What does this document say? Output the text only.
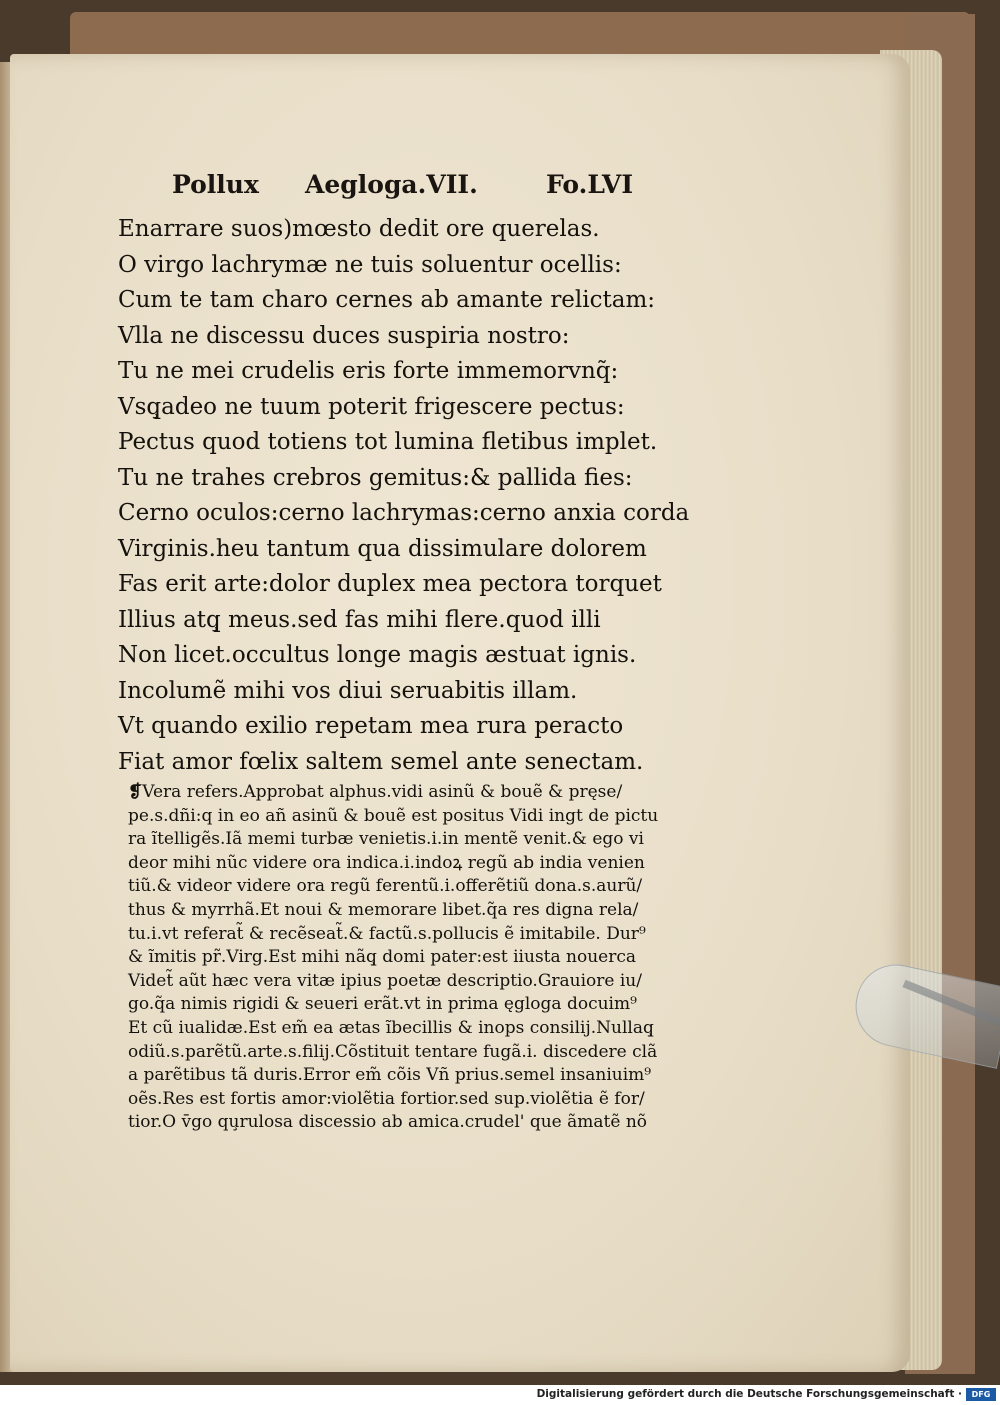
Pollux Aegloga.VII.	Fo.LVI
Enarrare suos)mœsto dedit ore querelas.
O virgo lachrymæ ne tuis soluentur ocellis:
Cum te tam charo cernes ab amante relictam:
Vlla ne discessu duces suspiria nostro:
Tu ne mei crudelis eris forte immemorvnq̃:
Vsq̧adeo ne tuum poterit frigescere pectus:
Pectus quod totiens tot lumina fletibus implet.
Tu ne trahes crebros gemitus:& pallida fies:
Cerno oculos:cerno lachrymas:cerno anxia corda
Virginis.heu tantum qua dissimulare dolorem
Fas erit arte:dolor duplex mea pectora torquet
Illius atq̧ meus.sed fas mihi flere.quod illi
Non licet.occultus longe magis æstuat ignis.
Incolumẽ mihi vos diui seruabitis illam.
Vt quando exilio repetam mea rura peracto
Fiat amor fœlix saltem semel ante senectam.
❡Vera refers.Approbat alphus.vidi asinũ & bouẽ & pręse/
pe.s.dñi:q in eo añ asinũ & bouẽ est positus Vidi ingt de pictu
ra ĩtelligẽs.Iã memi turbæ venietis.i.in mentẽ venit.& ego vi
deor mihi nũc videre ora indica.i.indoꝝ regũ ab india venien
tiũ.& videor videre ora regũ ferentũ.i.offerẽtiũ dona.s.aurũ/
thus & myrrhã.Et noui & memorare libet.q̃a res digna rela/
tu.i.vt referat̃ & recẽseat̃.& factũ.s.pollucis ẽ imitabile. Dur⁹
& ĩmitis pr̃.Virg.Est mihi nãq̧ domi pater:est iiusta nouerca
Videt̃ aũt hæc vera vitæ ipius poetæ descriptio.Grauiore iu/
go.q̃a nimis rigidi & seueri erãt.vt in prima ęgloga docuim⁹
Et cũ iualidæ.Est em̃ ea ætas ĩbecillis & inops consilij.Nullaq̧
odiũ.s.parẽtũ.arte.s.filij.Cõstituit tentare fugã.i. discedere clã
a parẽtibus tã duris.Error em̃ cõis Vñ prius.semel insaniuim⁹
oẽs.Res est fortis amor:violẽtia fortior.sed sup.violẽtia ẽ for/
tior.O v̄go qu̧rulosa discessio ab amica.crudel' que ãmatẽ nõ
Digitalisierung gefördert durch die Deutsche Forschungsgemeinschaft ·	DFG
